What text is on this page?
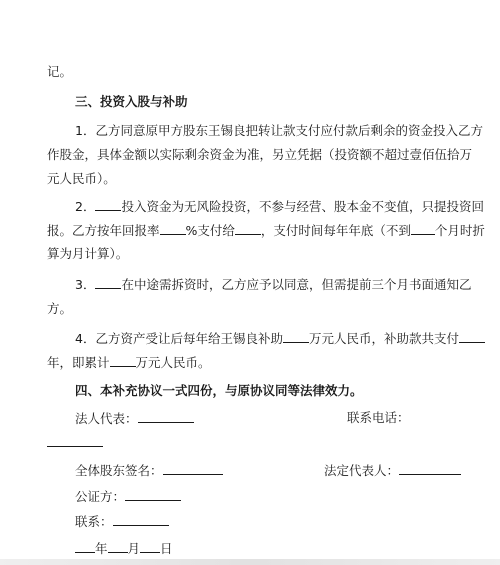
记。
三、投资入股与补助
1．乙方同意原甲方股东王锡良把转让款支付应付款后剩余的资金投入乙方
作股金，具体金额以实际剩余资金为准，另立凭据（投资额不超过壹佰伍拾万
元人民币）。
2． 投入资金为无风险投资，不参与经营、股本金不变值，只提投资回
报。乙方按年回报率 %支付给 ，支付时间每年年底（不到 个月时折
算为月计算）。
3． 在中途需拆资时，乙方应予以同意，但需提前三个月书面通知乙
方。
4．乙方资产受让后每年给王锡良补助 万元人民币，补助款共支付
年，即累计 万元人民币。
四、本补充协议一式四份，与原协议同等法律效力。
法人代表：	联系电话：
全体股东签名：	法定代表人：
公证方：
联系：
年 月 日
